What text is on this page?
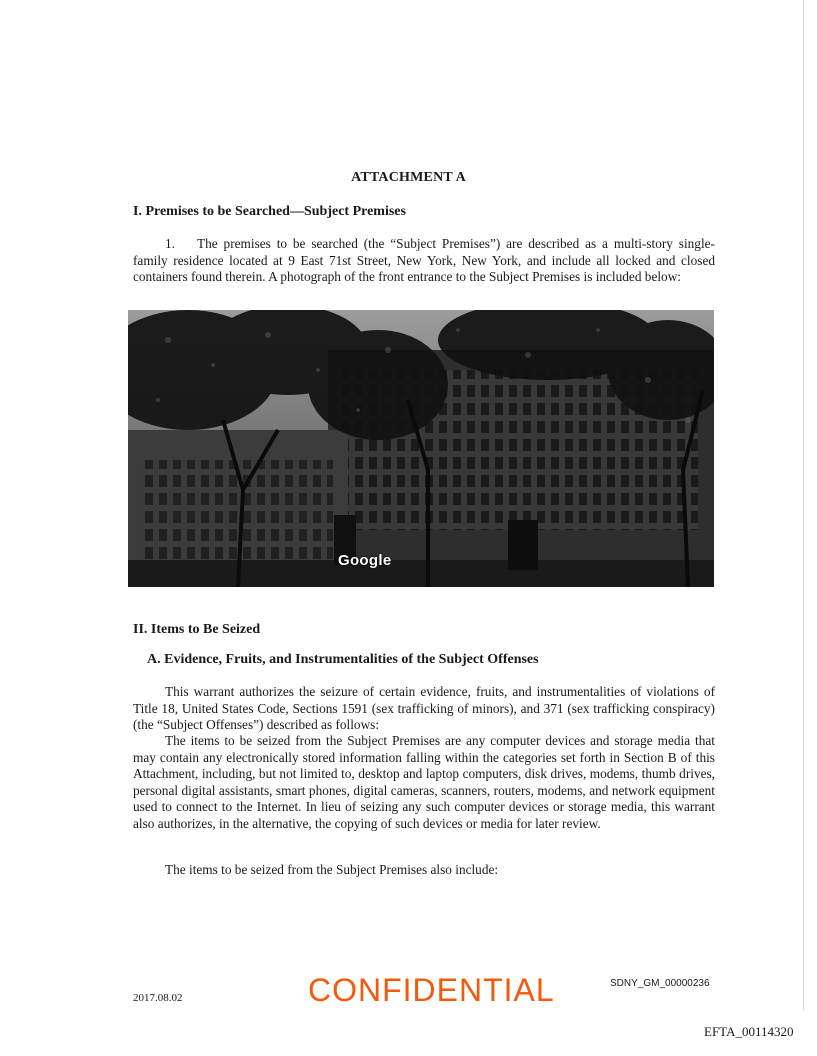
ATTACHMENT A
I. Premises to be Searched—Subject Premises
1. The premises to be searched (the “Subject Premises”) are described as a multi-story single-family residence located at 9 East 71st Street, New York, New York, and include all locked and closed containers found therein. A photograph of the front entrance to the Subject Premises is included below:
Google
II. Items to Be Seized
A. Evidence, Fruits, and Instrumentalities of the Subject Offenses
This warrant authorizes the seizure of certain evidence, fruits, and instrumentalities of violations of Title 18, United States Code, Sections 1591 (sex trafficking of minors), and 371 (sex trafficking conspiracy) (the “Subject Offenses”) described as follows:
The items to be seized from the Subject Premises are any computer devices and storage media that may contain any electronically stored information falling within the categories set forth in Section B of this Attachment, including, but not limited to, desktop and laptop computers, disk drives, modems, thumb drives, personal digital assistants, smart phones, digital cameras, scanners, routers, modems, and network equipment used to connect to the Internet. In lieu of seizing any such computer devices or storage media, this warrant also authorizes, in the alternative, the copying of such devices or media for later review.
The items to be seized from the Subject Premises also include:
2017.08.02	CONFIDENTIAL	SDNY_GM_00000236
EFTA_00114320
